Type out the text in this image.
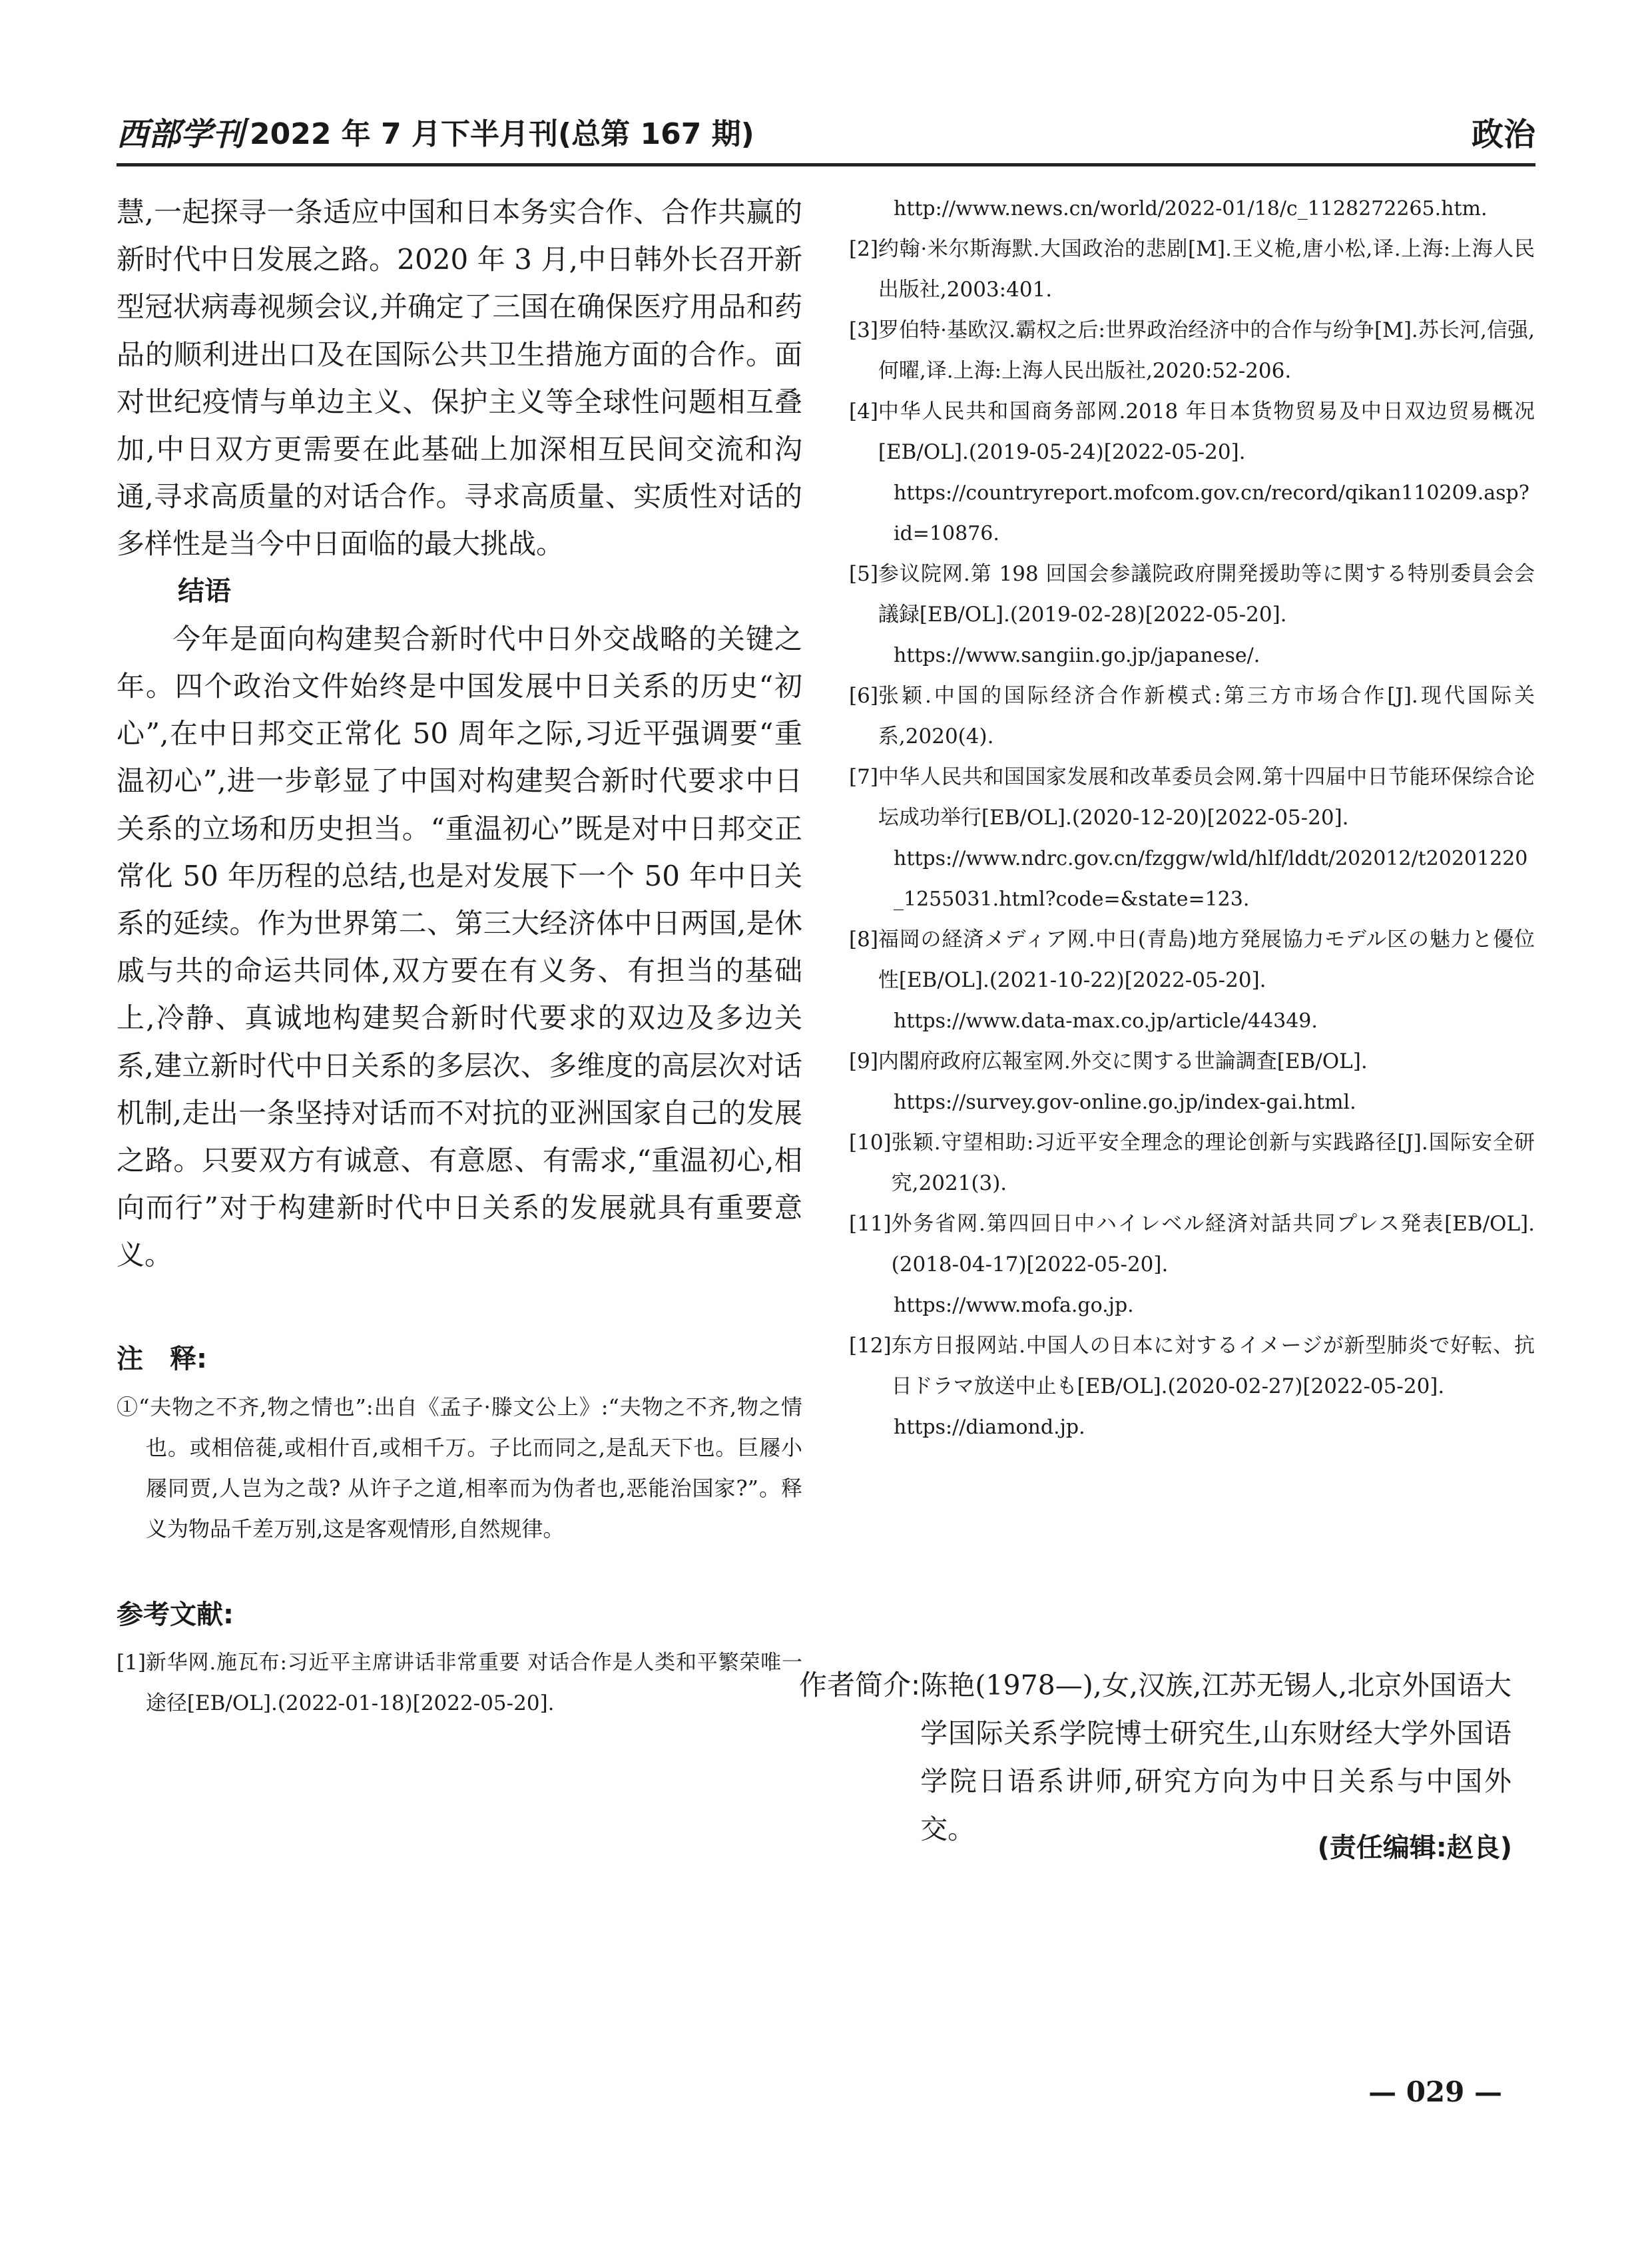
西部学刊 2022 年 7 月下半月刊(总第 167 期)	政治

慧,一起探寻一条适应中国和日本务实合作、合作共赢的新时代中日发展之路。2020 年 3 月,中日韩外长召开新型冠状病毒视频会议,并确定了三国在确保医疗用品和药品的顺利进出口及在国际公共卫生措施方面的合作。面对世纪疫情与单边主义、保护主义等全球性问题相互叠加,中日双方更需要在此基础上加深相互民间交流和沟通,寻求高质量的对话合作。寻求高质量、实质性对话的多样性是当今中日面临的最大挑战。

结语

今年是面向构建契合新时代中日外交战略的关键之年。四个政治文件始终是中国发展中日关系的历史“初心”,在中日邦交正常化 50 周年之际,习近平强调要“重温初心”,进一步彰显了中国对构建契合新时代要求中日关系的立场和历史担当。“重温初心”既是对中日邦交正常化 50 年历程的总结,也是对发展下一个 50 年中日关系的延续。作为世界第二、第三大经济体中日两国,是休戚与共的命运共同体,双方要在有义务、有担当的基础上,冷静、真诚地构建契合新时代要求的双边及多边关系,建立新时代中日关系的多层次、多维度的高层次对话机制,走出一条坚持对话而不对抗的亚洲国家自己的发展之路。只要双方有诚意、有意愿、有需求,“重温初心,相向而行”对于构建新时代中日关系的发展就具有重要意义。

注　释:

①“夫物之不齐,物之情也”:出自《孟子·滕文公上》:“夫物之不齐,物之情也。或相倍蓰,或相什百,或相千万。子比而同之,是乱天下也。巨屦小屦同贾,人岂为之哉? 从许子之道,相率而为伪者也,恶能治国家?”。释义为物品千差万别,这是客观情形,自然规律。

参考文献:

[1] 新华网.施瓦布:习近平主席讲话非常重要 对话合作是人类和平繁荣唯一途径[EB/OL].(2022-01-18)[2022-05-20].
http://www.news.cn/world/2022-01/18/c_1128272265.htm.
[2] 约翰·米尔斯海默.大国政治的悲剧[M].王义桅,唐小松,译.上海:上海人民出版社,2003:401.
[3] 罗伯特·基欧汉.霸权之后:世界政治经济中的合作与纷争[M].苏长河,信强,何曜,译.上海:上海人民出版社,2020:52-206.
[4] 中华人民共和国商务部网.2018 年日本货物贸易及中日双边贸易概况[EB/OL].(2019-05-24)[2022-05-20].
https://countryreport.mofcom.gov.cn/record/qikan110209.asp?id=10876.
[5] 参议院网.第 198 回国会参議院政府開発援助等に関する特別委員会会議録[EB/OL].(2019-02-28)[2022-05-20].
https://www.sangiin.go.jp/japanese/.
[6] 张颖.中国的国际经济合作新模式:第三方市场合作[J].现代国际关系,2020(4).
[7] 中华人民共和国国家发展和改革委员会网.第十四届中日节能环保综合论坛成功举行[EB/OL].(2020-12-20)[2022-05-20].
https://www.ndrc.gov.cn/fzggw/wld/hlf/lddt/202012/t20201220_1255031.html?code=&state=123.
[8] 福岡の経済メディア网.中日(青島)地方発展協力モデル区の魅力と優位性[EB/OL].(2021-10-22)[2022-05-20].
https://www.data-max.co.jp/article/44349.
[9] 内閣府政府広報室网.外交に関する世論調査[EB/OL].
https://survey.gov-online.go.jp/index-gai.html.
[10] 张颖.守望相助:习近平安全理念的理论创新与实践路径[J].国际安全研究,2021(3).
[11] 外务省网.第四回日中ハイレベル経済対話共同プレス発表[EB/OL].(2018-04-17)[2022-05-20].
https://www.mofa.go.jp.
[12] 东方日报网站.中国人の日本に対するイメージが新型肺炎で好転、抗日ドラマ放送中止も[EB/OL].(2020-02-27)[2022-05-20].
https://diamond.jp.
作者简介: 陈艳(1978—),女,汉族,江苏无锡人,北京外国语大学国际关系学院博士研究生,山东财经大学外国语学院日语系讲师,研究方向为中日关系与中国外交。
(责任编辑:赵良)
— 029 —
